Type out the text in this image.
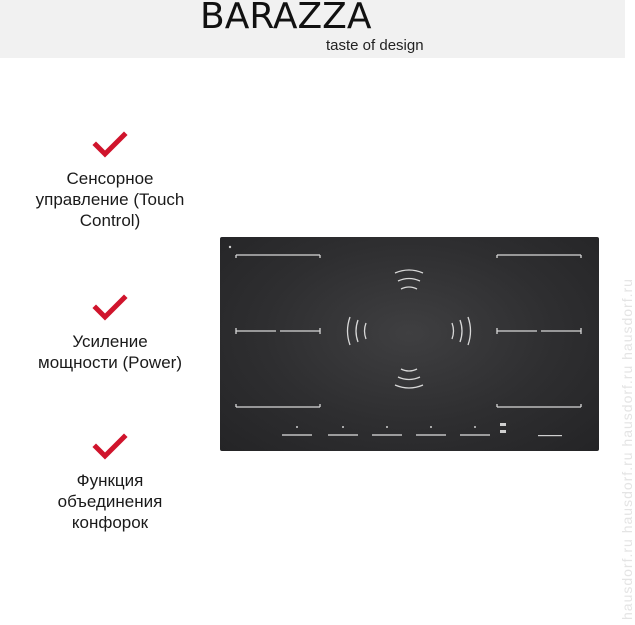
BARAZZA
taste of design
Сенсорное
управление (Touch
Control)
Усиление
мощности (Power)
Функция
объединения
конфорок	hausdorf.ru hausdorf.ru hausdorf.ru hausdorf.ru
